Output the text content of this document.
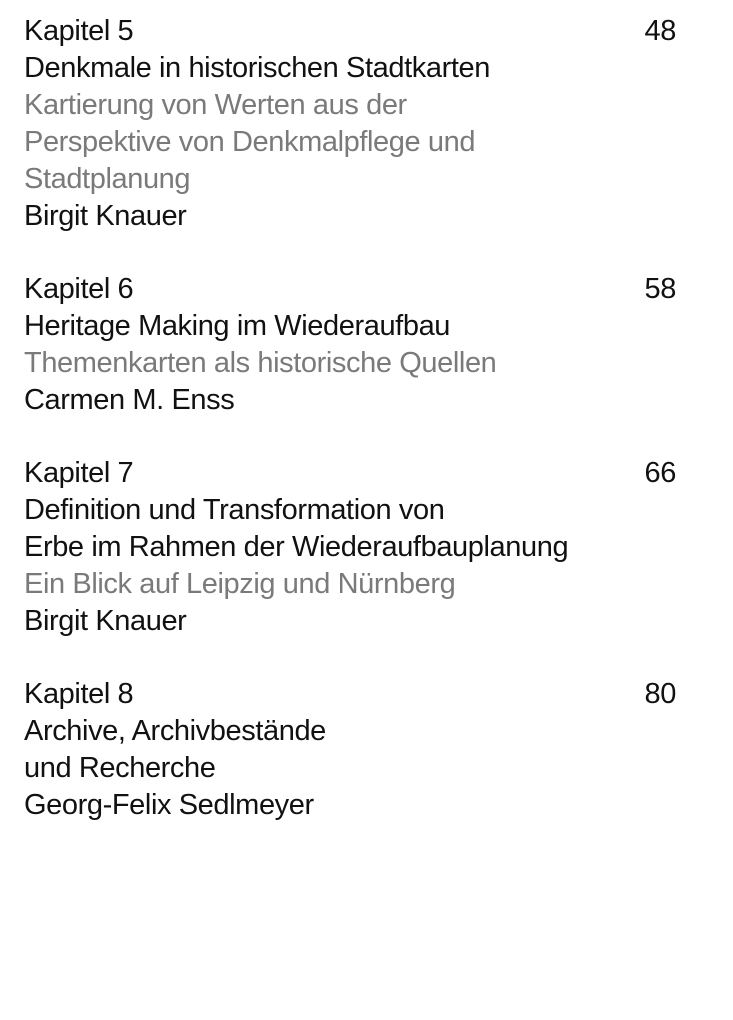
Kapitel 5	48
Denkmale in historischen Stadtkarten
Kartierung von Werten aus der
Perspektive von Denkmalpflege und
Stadtplanung
Birgit Knauer
Kapitel 6	58
Heritage Making im Wiederaufbau
Themenkarten als historische Quellen
Carmen M. Enss
Kapitel 7	66
Definition und Transformation von
Erbe im Rahmen der Wiederaufbauplanung
Ein Blick auf Leipzig und Nürnberg
Birgit Knauer
Kapitel 8	80
Archive, Archivbestände
und Recherche
Georg-Felix Sedlmeyer
